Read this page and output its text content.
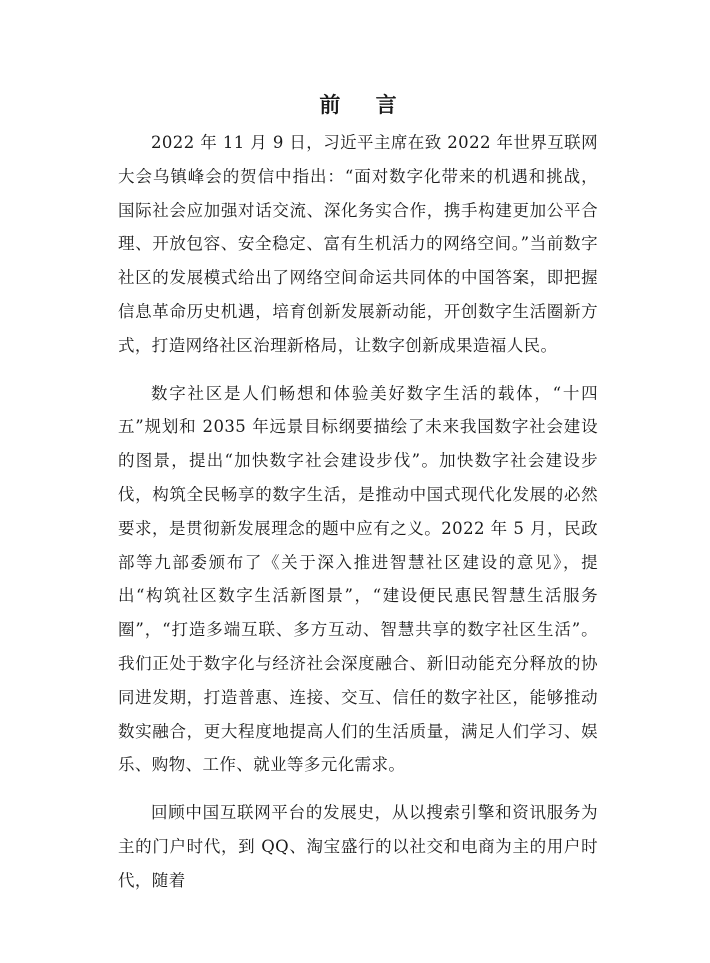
前 言

2022 年 11 月 9 日，习近平主席在致 2022 年世界互联网大会乌镇峰会的贺信中指出：“面对数字化带来的机遇和挑战，国际社会应加强对话交流、深化务实合作，携手构建更加公平合理、开放包容、安全稳定、富有生机活力的网络空间。”当前数字社区的发展模式给出了网络空间命运共同体的中国答案，即把握信息革命历史机遇，培育创新发展新动能，开创数字生活圈新方式，打造网络社区治理新格局，让数字创新成果造福人民。

数字社区是人们畅想和体验美好数字生活的载体，“十四五”规划和 2035 年远景目标纲要描绘了未来我国数字社会建设的图景，提出“加快数字社会建设步伐”。加快数字社会建设步伐，构筑全民畅享的数字生活，是推动中国式现代化发展的必然要求，是贯彻新发展理念的题中应有之义。2022 年 5 月，民政部等九部委颁布了《关于深入推进智慧社区建设的意见》，提出“构筑社区数字生活新图景”，“建设便民惠民智慧生活服务圈”，“打造多端互联、多方互动、智慧共享的数字社区生活”。我们正处于数字化与经济社会深度融合、新旧动能充分释放的协同进发期，打造普惠、连接、交互、信任的数字社区，能够推动数实融合，更大程度地提高人们的生活质量，满足人们学习、娱乐、购物、工作、就业等多元化需求。

回顾中国互联网平台的发展史，从以搜索引擎和资讯服务为主的门户时代，到 QQ、淘宝盛行的以社交和电商为主的用户时代，随着
